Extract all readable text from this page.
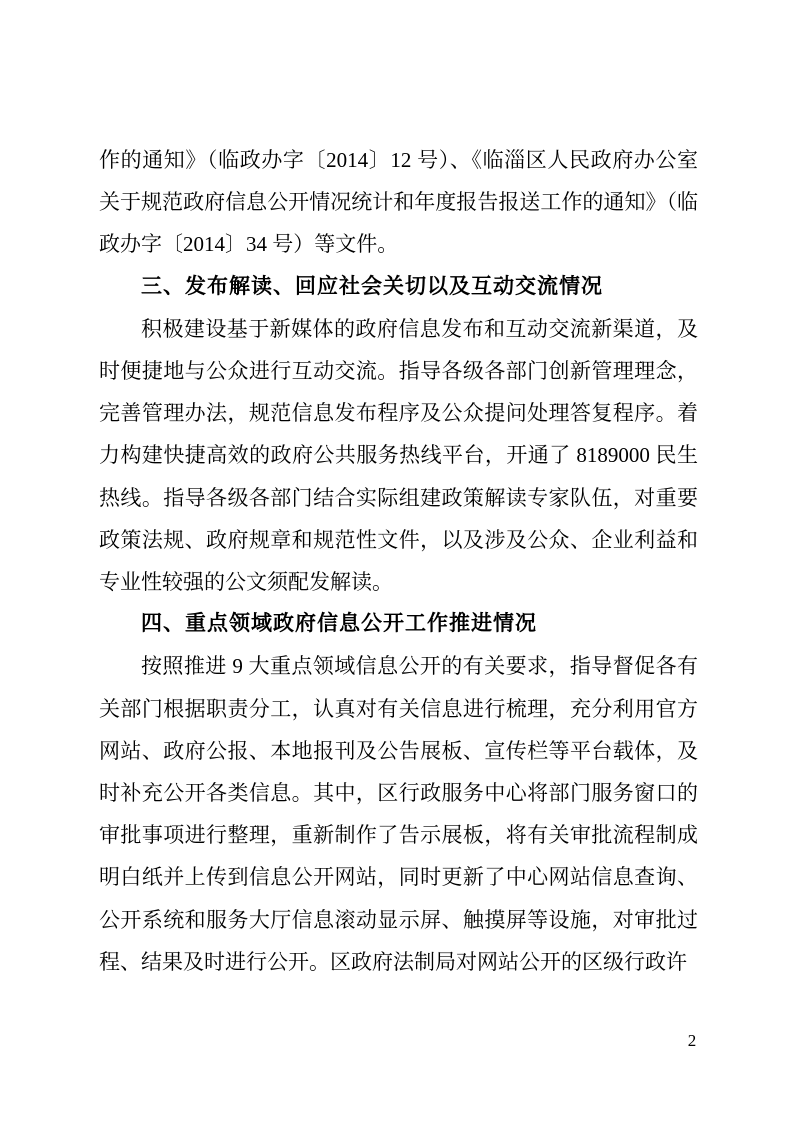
作的通知》（临政办字〔2014〕12 号）、《临淄区人民政府办公室关于规范政府信息公开情况统计和年度报告报送工作的通知》（临政办字〔2014〕34 号）等文件。

三、发布解读、回应社会关切以及互动交流情况

积极建设基于新媒体的政府信息发布和互动交流新渠道，及时便捷地与公众进行互动交流。指导各级各部门创新管理理念，完善管理办法，规范信息发布程序及公众提问处理答复程序。着力构建快捷高效的政府公共服务热线平台，开通了 8189000 民生热线。指导各级各部门结合实际组建政策解读专家队伍，对重要政策法规、政府规章和规范性文件，以及涉及公众、企业利益和专业性较强的公文须配发解读。

四、重点领域政府信息公开工作推进情况

按照推进 9 大重点领域信息公开的有关要求，指导督促各有关部门根据职责分工，认真对有关信息进行梳理，充分利用官方网站、政府公报、本地报刊及公告展板、宣传栏等平台载体，及时补充公开各类信息。其中，区行政服务中心将部门服务窗口的审批事项进行整理，重新制作了告示展板，将有关审批流程制成明白纸并上传到信息公开网站，同时更新了中心网站信息查询、公开系统和服务大厅信息滚动显示屏、触摸屏等设施，对审批过程、结果及时进行公开。区政府法制局对网站公开的区级行政许

2
